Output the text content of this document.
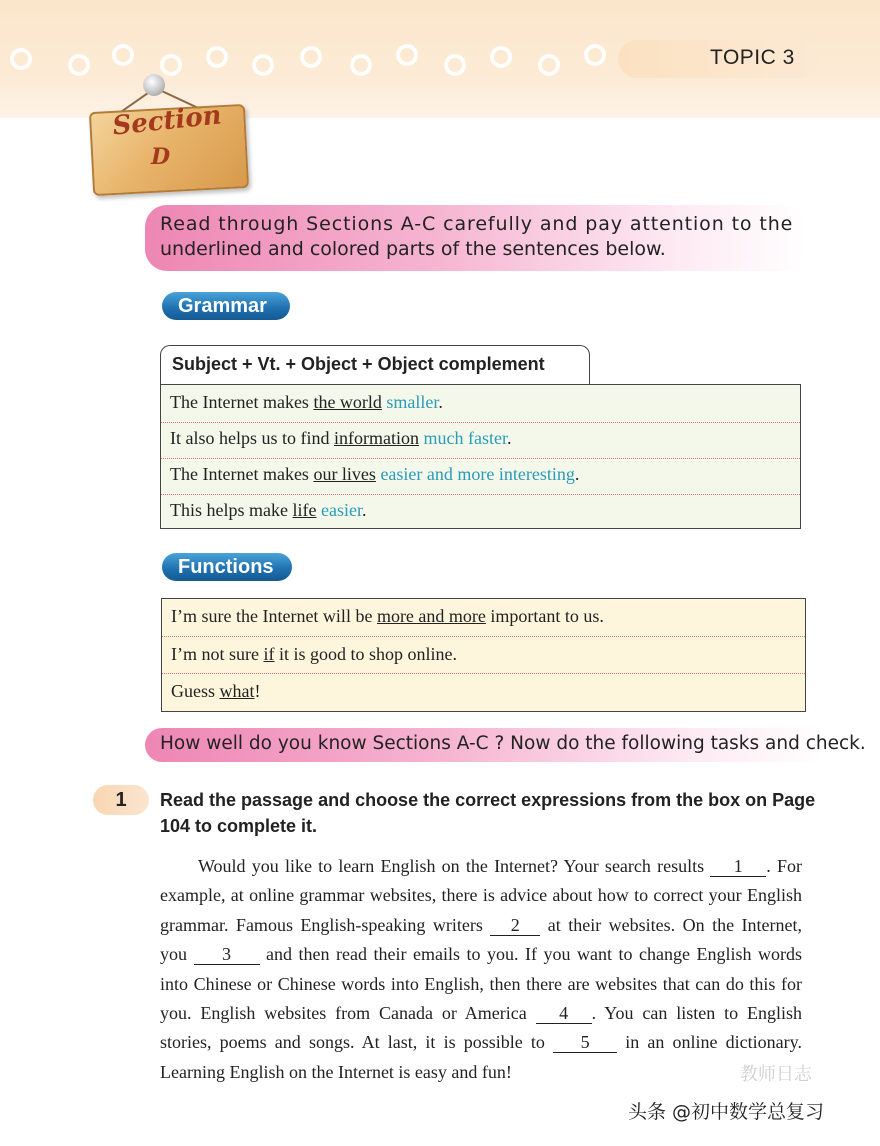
TOPIC 3
Section
D
Read through Sections A-C carefully and pay attention to the
underlined and colored parts of the sentences below.
Grammar
Subject + Vt. + Object + Object complement
The Internet makes the world smaller.
It also helps us to find information much faster.
The Internet makes our lives easier and more interesting.
This helps make life easier.
Functions
I’m sure the Internet will be more and more important to us.
I’m not sure if it is good to shop online.
Guess what!
How well do you know Sections A-C ? Now do the following tasks and check.
1	Read the passage and choose the correct expressions from the box on Page 104 to complete it.
Would you like to learn English on the Internet? Your search results 1 . For example, at online grammar websites, there is advice about how to correct your English grammar. Famous English-speaking writers 2 at their websites. On the Internet, you 3 and then read their emails to you. If you want to change English words into Chinese or Chinese words into English, then there are websites that can do this for you. English websites from Canada or America 4 . You can listen to English stories, poems and songs. At last, it is possible to 5 in an online dictionary. Learning English on the Internet is easy and fun!	教师日志
头条 @初中数学总复习
